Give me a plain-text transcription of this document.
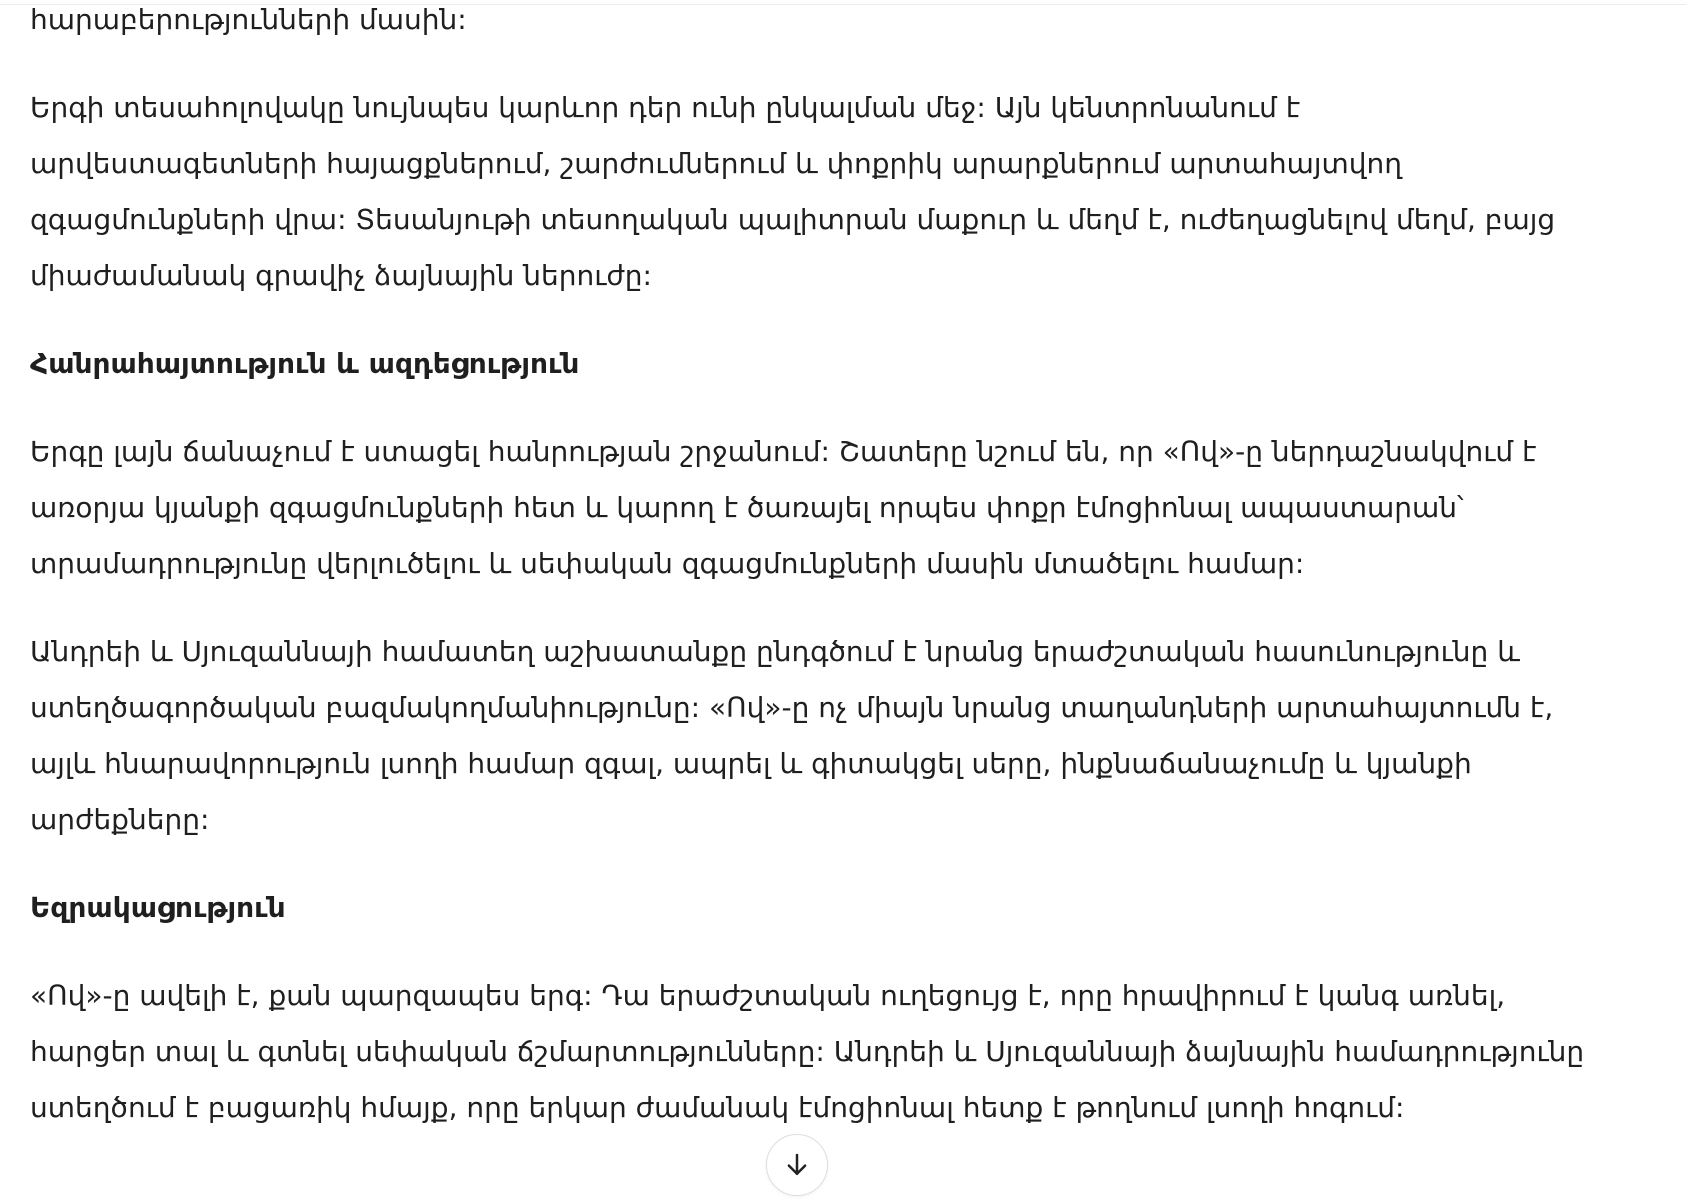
հարաբերությունների մասին:

Երգի տեսահոլովակը նույնպես կարևոր դեր ունի ընկալման մեջ: Այն կենտրոնանում է արվեստագետների հայացքներում, շարժումներում և փոքրիկ արարքներում արտահայտվող զգացմունքների վրա: Տեսանյութի տեսողական պալիտրան մաքուր և մեղմ է, ուժեղացնելով մեղմ, բայց միաժամանակ գրավիչ ձայնային ներուժը:

Հանրահայտություն և ազդեցություն

Երգը լայն ճանաչում է ստացել հանրության շրջանում: Շատերը նշում են, որ «Ով»-ը ներդաշնակվում է առօրյա կյանքի զգացմունքների հետ և կարող է ծառայել որպես փոքր էմոցիոնալ ապաստարան՝ տրամադրությունը վերլուծելու և սեփական զգացմունքների մասին մտածելու համար:

Անդրեի և Սյուզաննայի համատեղ աշխատանքը ընդգծում է նրանց երաժշտական հասունությունը և ստեղծագործական բազմակողմանիությունը: «Ով»-ը ոչ միայն նրանց տաղանդների արտահայտումն է, այլև հնարավորություն լսողի համար զգալ, ապրել և գիտակցել սերը, ինքնաճանաչումը և կյանքի արժեքները:

Եզրակացություն

«Ով»-ը ավելի է, քան պարզապես երգ: Դա երաժշտական ուղեցույց է, որը հրավիրում է կանգ առնել, հարցեր տալ և գտնել սեփական ճշմարտությունները: Անդրեի և Սյուզաննայի ձայնային համադրությունը ստեղծում է բացառիկ հմայք, որը երկար ժամանակ էմոցիոնալ հետք է թողնում լսողի հոգում:
